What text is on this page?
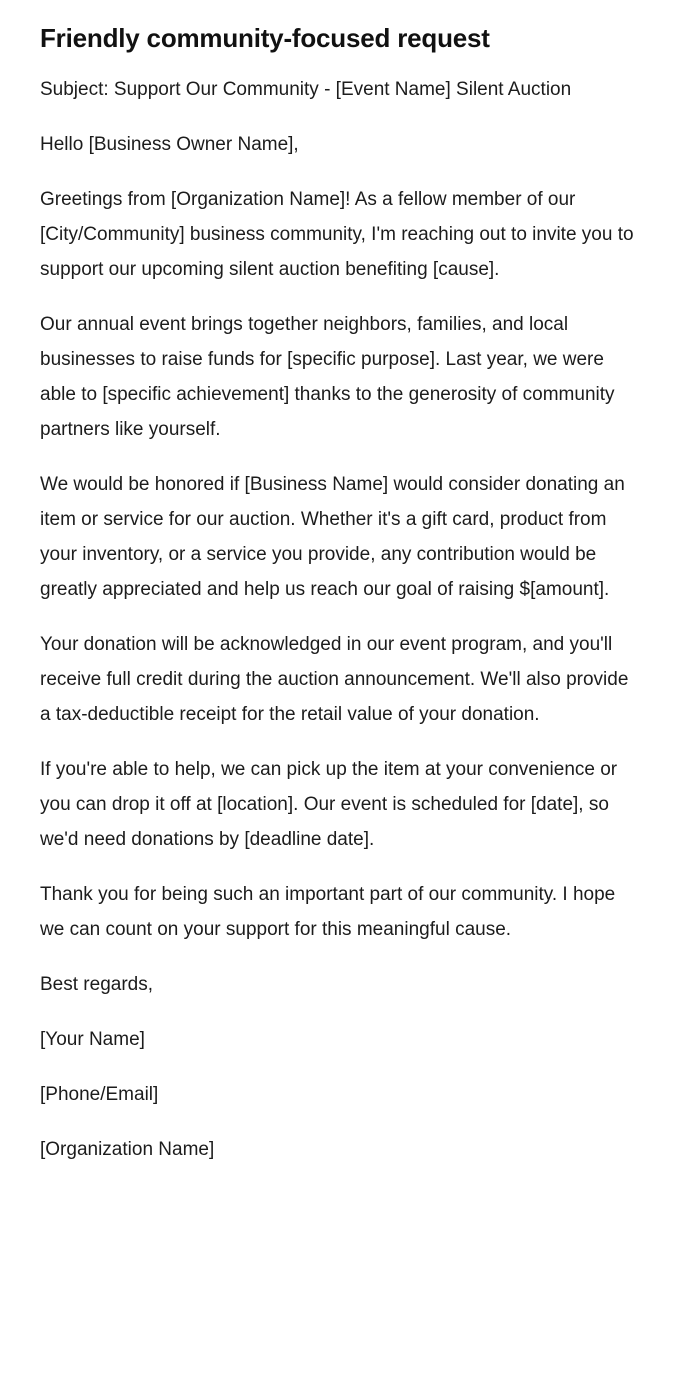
Friendly community-focused request

Subject: Support Our Community - [Event Name] Silent Auction

Hello [Business Owner Name],

Greetings from [Organization Name]! As a fellow member of our [City/Community] business community, I'm reaching out to invite you to support our upcoming silent auction benefiting [cause].

Our annual event brings together neighbors, families, and local businesses to raise funds for [specific purpose]. Last year, we were able to [specific achievement] thanks to the generosity of community partners like yourself.

We would be honored if [Business Name] would consider donating an item or service for our auction. Whether it's a gift card, product from your inventory, or a service you provide, any contribution would be greatly appreciated and help us reach our goal of raising $[amount].

Your donation will be acknowledged in our event program, and you'll receive full credit during the auction announcement. We'll also provide a tax-deductible receipt for the retail value of your donation.

If you're able to help, we can pick up the item at your convenience or you can drop it off at [location]. Our event is scheduled for [date], so we'd need donations by [deadline date].

Thank you for being such an important part of our community. I hope we can count on your support for this meaningful cause.

Best regards,

[Your Name]

[Phone/Email]

[Organization Name]
